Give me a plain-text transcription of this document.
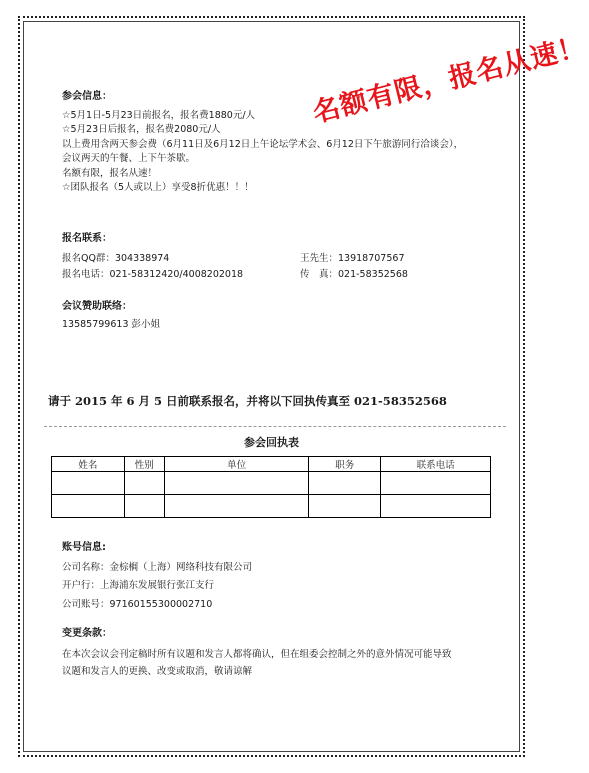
参会信息：
☆5月1日-5月23日前报名，报名费1880元/人
☆5月23日后报名，报名费2080元/人
以上费用含两天参会费（6月11日及6月12日上午论坛学术会、6月12日下午旅游同行洽谈会），
会议两天的午餐、上下午茶歇。
名额有限，报名从速！
☆团队报名（5人或以上）享受8折优惠！！！
名额有限，报名从速！
报名联系：
报名QQ群：304338974	王先生：13918707567
报名电话：021-58312420/4008202018	传　真：021-58352568
会议赞助联络：
13585799613 彭小姐
请于 2015 年 6 月 5 日前联系报名，并将以下回执传真至 021-58352568
参会回执表
姓名	性别	单位	职务	联系电话

账号信息:
公司名称：金棕榈（上海）网络科技有限公司
开户行：上海浦东发展银行张江支行
公司账号：97160155300002710
变更条款：
在本次会议会刊定稿时所有议题和发言人都将确认，但在组委会控制之外的意外情况可能导致
议题和发言人的更换、改变或取消，敬请谅解
